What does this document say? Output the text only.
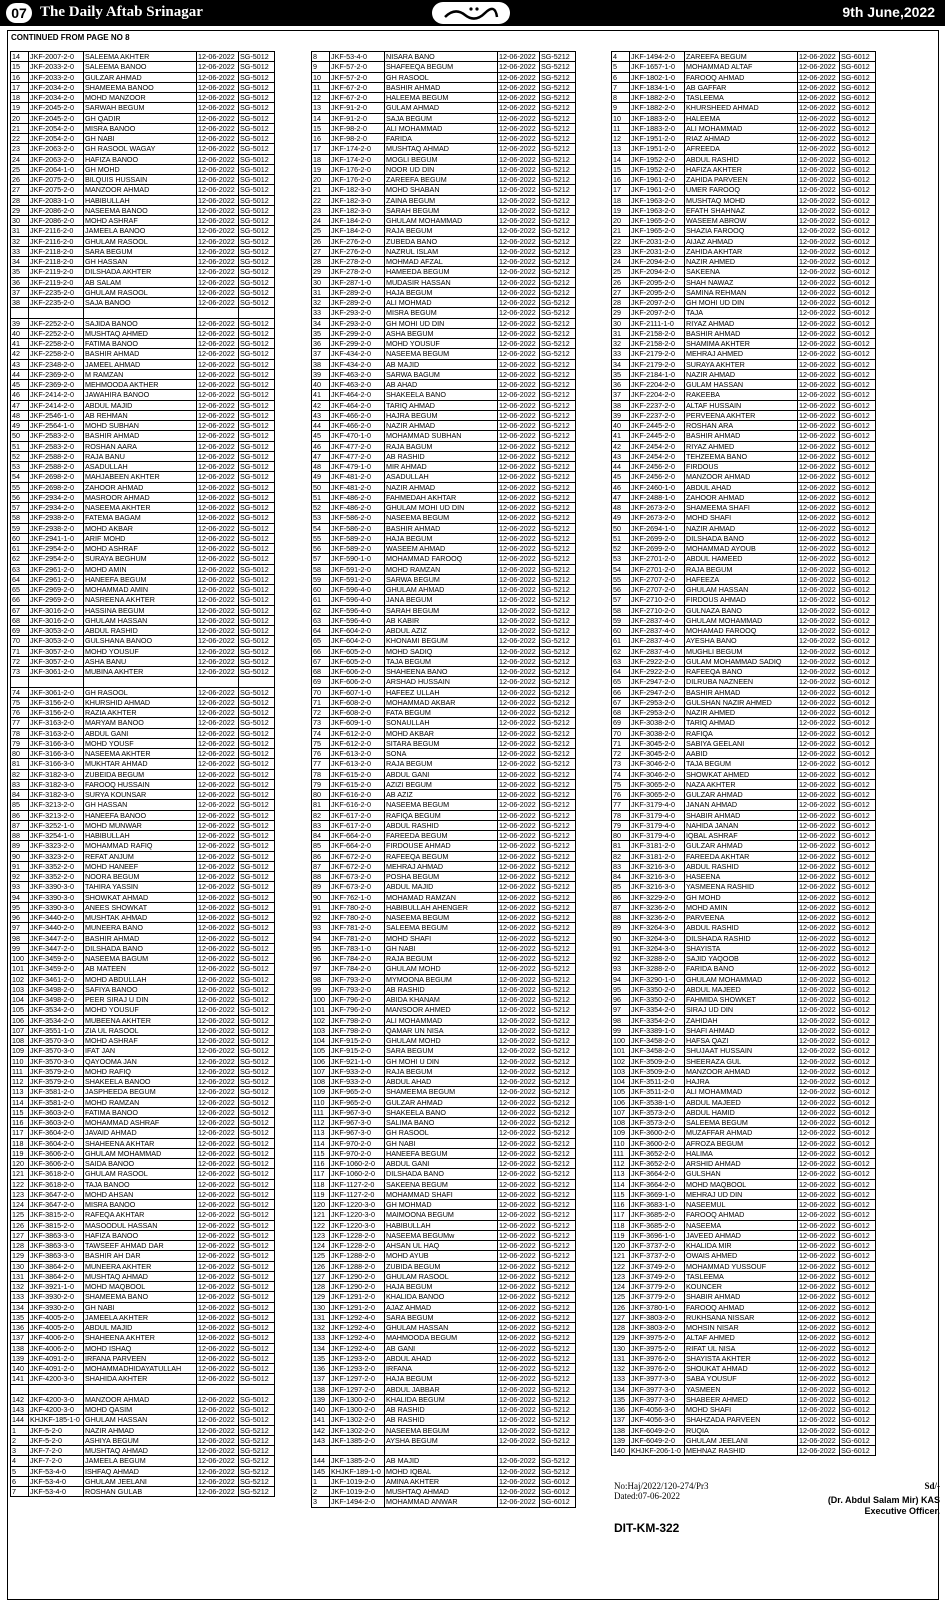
07 The Daily Aftab Srinagar	9th June,2022
CONTINUED FROM PAGE NO 8
14	JKF-2007-2-0	SALEEMA AKHTER	12-06-2022	SG-5012
15	JKF-2033-2-0	SALEEMA BANOO	12-06-2022	SG-5012
16	JKF-2033-2-0	GULZAR AHMAD	12-06-2022	SG-5012
17	JKF-2034-2-0	SHAMEEMA BANOO	12-06-2022	SG-5012
18	JKF-2034-2-0	MOHD MANZOOR	12-06-2022	SG-5012
19	JKF-2045-2-0	SARWAH BEGUM	12-06-2022	SG-5012
20	JKF-2045-2-0	GH QADIR	12-06-2022	SG-5012
21	JKF-2054-2-0	MISRA BANOO	12-06-2022	SG-5012
22	JKF-2054-2-0	GH NABI	12-06-2022	SG-5012
23	JKF-2063-2-0	GH RASOOL WAGAY	12-06-2022	SG-5012
24	JKF-2063-2-0	HAFIZA BANOO	12-06-2022	SG-5012
25	JKF-2064-1-0	GH MOHD	12-06-2022	SG-5012
26	JKF-2075-2-0	BILQUIS HUSSAIN	12-06-2022	SG-5012
27	JKF-2075-2-0	MANZOOR AHMAD	12-06-2022	SG-5012
28	JKF-2083-1-0	HABIBULLAH	12-06-2022	SG-5012
29	JKF-2086-2-0	NASEEMA BANOO	12-06-2022	SG-5012
30	JKF-2086-2-0	MOHD ASHRAF	12-06-2022	SG-5012
31	JKF-2116-2-0	JAMEELA BANOO	12-06-2022	SG-5012
32	JKF-2116-2-0	GHULAM RASOOL	12-06-2022	SG-5012
33	JKF-2118-2-0	SARA BEGUM	12-06-2022	SG-5012
34	JKF-2118-2-0	GH HASSAN	12-06-2022	SG-5012
35	JKF-2119-2-0	DILSHADA AKHTER	12-06-2022	SG-5012
36	JKF-2119-2-0	AB SALAM	12-06-2022	SG-5012
37	JKF-2235-2-0	GHULAM RASOOL	12-06-2022	SG-5012
38	JKF-2235-2-0	SAJA BANOO	12-06-2022	SG-5012

39	JKF-2252-2-0	SAJIDA BANOO	12-06-2022	SG-5012
40	JKF-2252-2-0	MUSHTAQ AHMED	12-06-2022	SG-5012
41	JKF-2258-2-0	FATIMA BANOO	12-06-2022	SG-5012
42	JKF-2258-2-0	BASHIR AHMAD	12-06-2022	SG-5012
43	JKF-2348-2-0	JAMEEL AHMAD	12-06-2022	SG-5012
44	JKF-2369-2-0	M RAMZAN	12-06-2022	SG-5012
45	JKF-2369-2-0	MEHMOODA AKTHER	12-06-2022	SG-5012
46	JKF-2414-2-0	JAWAHIRA BANOO	12-06-2022	SG-5012
47	JKF-2414-2-0	ABDUL MAJID	12-06-2022	SG-5012
48	JKF-2546-1-0	AB REHMAN	12-06-2022	SG-5012
49	JKF-2564-1-0	MOHD SUBHAN	12-06-2022	SG-5012
50	JKF-2583-2-0	BASHIR AHMAD	12-06-2022	SG-5012
51	JKF-2583-2-0	ROSHAN AARA	12-06-2022	SG-5012
52	JKF-2588-2-0	RAJA BANU	12-06-2022	SG-5012
53	JKF-2588-2-0	ASADULLAH	12-06-2022	SG-5012
54	JKF-2698-2-0	MAHJABEEN AKHTER	12-06-2022	SG-5012
55	JKF-2698-2-0	ZAHOOR AHMAD	12-06-2022	SG-5012
56	JKF-2934-2-0	MASROOR AHMAD	12-06-2022	SG-5012
57	JKF-2934-2-0	NASEEMA AKHTER	12-06-2022	SG-5012
58	JKF-2938-2-0	FATEMA BAGAM	12-06-2022	SG-5012
59	JKF-2938-2-0	MOHD AKBAR	12-06-2022	SG-5012
60	JKF-2941-1-0	ARIF MOHD	12-06-2022	SG-5012
61	JKF-2954-2-0	MOHD ASHRAF	12-06-2022	SG-5012
62	JKF-2954-2-0	SURAYA BEGHUM	12-06-2022	SG-5012
63	JKF-2961-2-0	MOHD AMIN	12-06-2022	SG-5012
64	JKF-2961-2-0	HANEEFA BEGUM	12-06-2022	SG-5012
65	JKF-2969-2-0	MOHAMMAD AMIN	12-06-2022	SG-5012
66	JKF-2969-2-0	NASREENA AKHTER	12-06-2022	SG-5012
67	JKF-3016-2-0	HASSINA BEGUM	12-06-2022	SG-5012
68	JKF-3016-2-0	GHULAM HASSAN	12-06-2022	SG-5012
69	JKF-3053-2-0	ABDUL RASHID	12-06-2022	SG-5012
70	JKF-3053-2-0	GULSHANA BANOO	12-06-2022	SG-5012
71	JKF-3057-2-0	MOHD YOUSUF	12-06-2022	SG-5012
72	JKF-3057-2-0	ASHA BANU	12-06-2022	SG-5012
73	JKF-3061-2-0	MUBINA AKHTER	12-06-2022	SG-5012

74	JKF-3061-2-0	GH RASOOL	12-06-2022	SG-5012
75	JKF-3156-2-0	KHURSHID AHMAD	12-06-2022	SG-5012
76	JKF-3156-2-0	RAZIA AKHTER	12-06-2022	SG-5012
77	JKF-3163-2-0	MARYAM BANOO	12-06-2022	SG-5012
78	JKF-3163-2-0	ABDUL GANI	12-06-2022	SG-5012
79	JKF-3166-3-0	MOHD YOUSF	12-06-2022	SG-5012
80	JKF-3166-3-0	NASEEMA AKHTER	12-06-2022	SG-5012
81	JKF-3166-3-0	MUKHTAR AHMAD	12-06-2022	SG-5012
82	JKF-3182-3-0	ZUBEIDA BEGUM	12-06-2022	SG-5012
83	JKF-3182-3-0	FAROOQ HUSSAIN	12-06-2022	SG-5012
84	JKF-3182-3-0	SURYA KOUNSAR	12-06-2022	SG-5012
85	JKF-3213-2-0	GH HASSAN	12-06-2022	SG-5012
86	JKF-3213-2-0	HANEEFA BANOO	12-06-2022	SG-5012
87	JKF-3252-1-0	MOHD MUNWAR	12-06-2022	SG-5012
88	JKF-3254-1-0	HABIBULLAH	12-06-2022	SG-5012
89	JKF-3323-2-0	MOHAMMAD RAFIQ	12-06-2022	SG-5012
90	JKF-3323-2-0	REFAT ANJUM	12-06-2022	SG-5012
91	JKF-3352-2-0	MOHD HANEEF	12-06-2022	SG-5012
92	JKF-3352-2-0	NOORA BEGUM	12-06-2022	SG-5012
93	JKF-3390-3-0	TAHIRA YASSIN	12-06-2022	SG-5012
94	JKF-3390-3-0	SHOWKAT AHMAD	12-06-2022	SG-5012
95	JKF-3390-3-0	ANEES SHOWKAT	12-06-2022	SG-5012
96	JKF-3440-2-0	MUSHTAK AHMAD	12-06-2022	SG-5012
97	JKF-3440-2-0	MUNEERA BANO	12-06-2022	SG-5012
98	JKF-3447-2-0	BASHIR AHMAD	12-06-2022	SG-5012
99	JKF-3447-2-0	DILSHADA BANO	12-06-2022	SG-5012
100	JKF-3459-2-0	NASEEMA BAGUM	12-06-2022	SG-5012
101	JKF-3459-2-0	AB MATEEN	12-06-2022	SG-5012
102	JKF-3461-2-0	MOHD ABDULLAH	12-06-2022	SG-5012
103	JKF-3498-2-0	SAFIYA BANOO	12-06-2022	SG-5012
104	JKF-3498-2-0	PEER SIRAJ U DIN	12-06-2022	SG-5012
105	JKF-3534-2-0	MOHD YOUSUF	12-06-2022	SG-5012
106	JKF-3534-2-0	MUBEENA AKHTER	12-06-2022	SG-5012
107	JKF-3551-1-0	ZIA UL RASOOL	12-06-2022	SG-5012
108	JKF-3570-3-0	MOHD ASHRAF	12-06-2022	SG-5012
109	JKF-3570-3-0	IFAT JAN	12-06-2022	SG-5012
110	JKF-3570-3-0	QAYOOMA JAN	12-06-2022	SG-5012
111	JKF-3579-2-0	MOHD RAFIQ	12-06-2022	SG-5012
112	JKF-3579-2-0	SHAKEELA BANOO	12-06-2022	SG-5012
113	JKF-3581-2-0	JASPHEEDA BEGUM	12-06-2022	SG-5012
114	JKF-3581-2-0	MOHD RAMZAN	12-06-2022	SG-5012
115	JKF-3603-2-0	FATIMA BANOO	12-06-2022	SG-5012
116	JKF-3603-2-0	MOHAMMAD ASHRAF	12-06-2022	SG-5012
117	JKF-3604-2-0	JAVAID AHMAD	12-06-2022	SG-5012
118	JKF-3604-2-0	SHAHEENA AKHTAR	12-06-2022	SG-5012
119	JKF-3606-2-0	GHULAM MOHAMMAD	12-06-2022	SG-5012
120	JKF-3606-2-0	SAIDA BANOO	12-06-2022	SG-5012
121	JKF-3618-2-0	GHULAM RASOOL	12-06-2022	SG-5012
122	JKF-3618-2-0	TAJA BANOO	12-06-2022	SG-5012
123	JKF-3647-2-0	MOHD AHSAN	12-06-2022	SG-5012
124	JKF-3647-2-0	MISRA BANOO	12-06-2022	SG-5012
125	JKF-3815-2-0	RAFEQA AKHTAR	12-06-2022	SG-5012
126	JKF-3815-2-0	MASOODUL HASSAN	12-06-2022	SG-5012
127	JKF-3863-3-0	HAFIZA BANOO	12-06-2022	SG-5012
128	JKF-3863-3-0	TAWSEEF AHMAD DAR	12-06-2022	SG-5012
129	JKF-3863-3-0	BASHIR AH DAR	12-06-2022	SG-5012
130	JKF-3864-2-0	MUNEERA AKHTER	12-06-2022	SG-5012
131	JKF-3864-2-0	MUSHTAQ AHMAD	12-06-2022	SG-5012
132	JKF-3921-1-0	MOHD MAQBOOL	12-06-2022	SG-5012
133	JKF-3930-2-0	SHAMEEMA BANO	12-06-2022	SG-5012
134	JKF-3930-2-0	GH NABI	12-06-2022	SG-5012
135	JKF-4005-2-0	JAMEELA AKHTER	12-06-2022	SG-5012
136	JKF-4005-2-0	ABDUL MAJID	12-06-2022	SG-5012
137	JKF-4006-2-0	SHAHEENA AKHTER	12-06-2022	SG-5012
138	JKF-4006-2-0	MOHD ISHAQ	12-06-2022	SG-5012
139	JKF-4091-2-0	IRFANA PARVEEN	12-06-2022	SG-5012
140	JKF-4091-2-0	MOHAMMADHIDAYATULLAH	12-06-2022	SG-5012
141	JKF-4200-3-0	SHAHIDA AKHTER	12-06-2022	SG-5012

142	JKF-4200-3-0	MANZOOR AHMAD	12-06-2022	SG-5012
143	JKF-4200-3-0	MOHD QASIM	12-06-2022	SG-5012
144	KHJKF-185-1-0	GHULAM HASSAN	12-06-2022	SG-5012
1	JKF-5-2-0	NAZIR AHMAD	12-06-2022	SG-5212
2	JKF-5-2-0	ASHIYA BEGUM	12-06-2022	SG-5212
3	JKF-7-2-0	MUSHTAQ AHMAD	12-06-2022	SG-5212
4	JKF-7-2-0	JAMEELA BEGUM	12-06-2022	SG-5212
5	JKF-53-4-0	ISHFAQ AHMAD	12-06-2022	SG-5212
6	JKF-53-4-0	GHULAM JEELANI	12-06-2022	SG-5212
7	JKF-53-4-0	ROSHAN GULAB	12-06-2022	SG-5212
8	JKF-53-4-0	NISARA BANO	12-06-2022	SG-5212
9	JKF-57-2-0	SHAFEEQA BEGUM	12-06-2022	SG-5212
10	JKF-57-2-0	GH RASOOL	12-06-2022	SG-5212
11	JKF-67-2-0	BASHIR AHMAD	12-06-2022	SG-5212
12	JKF-67-2-0	HALEEMA BEGUM	12-06-2022	SG-5212
13	JKF-91-2-0	GULAM AHMAD	12-06-2022	SG-5212
14	JKF-91-2-0	SAJA BEGUM	12-06-2022	SG-5212
15	JKF-98-2-0	ALI MOHAMMAD	12-06-2022	SG-5212
16	JKF-98-2-0	FARIDA	12-06-2022	SG-5212
17	JKF-174-2-0	MUSHTAQ AHMAD	12-06-2022	SG-5212
18	JKF-174-2-0	MOGLI BEGUM	12-06-2022	SG-5212
19	JKF-176-2-0	NOOR UD DIN	12-06-2022	SG-5212
20	JKF-176-2-0	ZAREEFA BEGUM	12-06-2022	SG-5212
21	JKF-182-3-0	MOHD SHABAN	12-06-2022	SG-5212
22	JKF-182-3-0	ZAINA BEGUM	12-06-2022	SG-5212
23	JKF-182-3-0	SARAH BEGUM	12-06-2022	SG-5212
24	JKF-184-2-0	GHULAM MOHAMMAD	12-06-2022	SG-5212
25	JKF-184-2-0	RAJA BEGUM	12-06-2022	SG-5212
26	JKF-276-2-0	ZUBEDA BANO	12-06-2022	SG-5212
27	JKF-276-2-0	NAZRUL ISLAM	12-06-2022	SG-5212
28	JKF-278-2-0	MOHMAD AFZAL	12-06-2022	SG-5212
29	JKF-278-2-0	HAMEEDA BEGUM	12-06-2022	SG-5212
30	JKF-287-1-0	MUDASIR HASSAN	12-06-2022	SG-5212
31	JKF-289-2-0	HAJA BEGUM	12-06-2022	SG-5212
32	JKF-289-2-0	ALI MOHMAD	12-06-2022	SG-5212
33	JKF-293-2-0	MISRA BEGUM	12-06-2022	SG-5212
34	JKF-293-2-0	GH MOHI UD DIN	12-06-2022	SG-5212
35	JKF-299-2-0	ASHA BEGUM	12-06-2022	SG-5212
36	JKF-299-2-0	MOHD YOUSUF	12-06-2022	SG-5212
37	JKF-434-2-0	NASEEMA BEGUM	12-06-2022	SG-5212
38	JKF-434-2-0	AB MAJID	12-06-2022	SG-5212
39	JKF-463-2-0	SARWA BAGUM	12-06-2022	SG-5212
40	JKF-463-2-0	AB AHAD	12-06-2022	SG-5212
41	JKF-464-2-0	SHAKEELA BANO	12-06-2022	SG-5212
42	JKF-464-2-0	TARIQ AHMAD	12-06-2022	SG-5212
43	JKF-466-2-0	HAJRA BEGUM	12-06-2022	SG-5212
44	JKF-466-2-0	NAZIR AHMAD	12-06-2022	SG-5212
45	JKF-470-1-0	MOHAMMAD SUBHAN	12-06-2022	SG-5212
46	JKF-477-2-0	RAJA BAGUM	12-06-2022	SG-5212
47	JKF-477-2-0	AB RASHID	12-06-2022	SG-5212
48	JKF-479-1-0	MIR AHMAD	12-06-2022	SG-5212
49	JKF-481-2-0	ASADULLAH	12-06-2022	SG-5212
50	JKF-481-2-0	NAZIR AHMAD	12-06-2022	SG-5212
51	JKF-486-2-0	FAHMEDAH AKHTAR	12-06-2022	SG-5212
52	JKF-486-2-0	GHULAM MOHI UD DIN	12-06-2022	SG-5212
53	JKF-586-2-0	NASEEMA BEGUM	12-06-2022	SG-5212
54	JKF-586-2-0	BASHIR AHMAD	12-06-2022	SG-5212
55	JKF-589-2-0	HAJA BEGUM	12-06-2022	SG-5212
56	JKF-589-2-0	WASEEM AHMAD	12-06-2022	SG-5212
57	JKF-590-1-0	MOHAMMAD FAROOQ	12-06-2022	SG-5212
58	JKF-591-2-0	MOHD RAMZAN	12-06-2022	SG-5212
59	JKF-591-2-0	SARWA BEGUM	12-06-2022	SG-5212
60	JKF-596-4-0	GHULAM AHMAD	12-06-2022	SG-5212
61	JKF-596-4-0	JANA BEGUM	12-06-2022	SG-5212
62	JKF-596-4-0	SARAH BEGUM	12-06-2022	SG-5212
63	JKF-596-4-0	AB KABIR	12-06-2022	SG-5212
64	JKF-604-2-0	ABDUL AZIZ	12-06-2022	SG-5212
65	JKF-604-2-0	KHONAMI BEGUM	12-06-2022	SG-5212
66	JKF-605-2-0	MOHD SADIQ	12-06-2022	SG-5212
67	JKF-605-2-0	TAJA BEGUM	12-06-2022	SG-5212
68	JKF-606-2-0	SHAHEENA BANO	12-06-2022	SG-5212
69	JKF-606-2-0	ARSHAD HUSSAIN	12-06-2022	SG-5212
70	JKF-607-1-0	HAFEEZ ULLAH	12-06-2022	SG-5212
71	JKF-608-2-0	MOHAMMAD AKBAR	12-06-2022	SG-5212
72	JKF-608-2-0	FATA BEGUM	12-06-2022	SG-5212
73	JKF-609-1-0	SONAULLAH	12-06-2022	SG-5212
74	JKF-612-2-0	MOHD AKBAR	12-06-2022	SG-5212
75	JKF-612-2-0	SITARA BEGUM	12-06-2022	SG-5212
76	JKF-613-2-0	SONA	12-06-2022	SG-5212
77	JKF-613-2-0	RAJA BEGUM	12-06-2022	SG-5212
78	JKF-615-2-0	ABDUL GANI	12-06-2022	SG-5212
79	JKF-615-2-0	AZIZI BEGUM	12-06-2022	SG-5212
80	JKF-616-2-0	AB AZIZ	12-06-2022	SG-5212
81	JKF-616-2-0	NASEEMA BEGUM	12-06-2022	SG-5212
82	JKF-617-2-0	RAFIQA BEGUM	12-06-2022	SG-5212
83	JKF-617-2-0	ABDUL RASHID	12-06-2022	SG-5212
84	JKF-664-2-0	FAREEDA BEGUM	12-06-2022	SG-5212
85	JKF-664-2-0	FIRDOUSE AHMAD	12-06-2022	SG-5212
86	JKF-672-2-0	RAFEEQA BEGUM	12-06-2022	SG-5212
87	JKF-672-2-0	MEHRAJ AHMAD	12-06-2022	SG-5212
88	JKF-673-2-0	POSHA BEGUM	12-06-2022	SG-5212
89	JKF-673-2-0	ABDUL MAJID	12-06-2022	SG-5212
90	JKF-762-1-0	MOHAMAD RAMZAN	12-06-2022	SG-5212
91	JKF-780-2-0	HABIBULLAH AHENGER	12-06-2022	SG-5212
92	JKF-780-2-0	NASEEMA BEGUM	12-06-2022	SG-5212
93	JKF-781-2-0	SALEEMA BEGUM	12-06-2022	SG-5212
94	JKF-781-2-0	MOHD SHAFI	12-06-2022	SG-5212
95	JKF-783-1-0	GH NABI	12-06-2022	SG-5212
96	JKF-784-2-0	RAJA BEGUM	12-06-2022	SG-5212
97	JKF-784-2-0	GHULAM MOHD	12-06-2022	SG-5212
98	JKF-793-2-0	MYMOONA BEGUM	12-06-2022	SG-5212
99	JKF-793-2-0	AB RASHID	12-06-2022	SG-5212
100	JKF-796-2-0	ABIDA KHANAM	12-06-2022	SG-5212
101	JKF-796-2-0	MANSOOR AHMED	12-06-2022	SG-5212
102	JKF-798-2-0	ALI MOHAMMAD	12-06-2022	SG-5212
103	JKF-798-2-0	QAMAR UN NISA	12-06-2022	SG-5212
104	JKF-915-2-0	GHULAM MOHD	12-06-2022	SG-5212
105	JKF-915-2-0	SARA BEGUM	12-06-2022	SG-5212
106	JKF-921-1-0	GH MOHI U DIN	12-06-2022	SG-5212
107	JKF-933-2-0	RAJA BEGUM	12-06-2022	SG-5212
108	JKF-933-2-0	ABDUL AHAD	12-06-2022	SG-5212
109	JKF-965-2-0	SHAMEEMA BEGUM	12-06-2022	SG-5212
110	JKF-965-2-0	GULZAR AHMAD	12-06-2022	SG-5212
111	JKF-967-3-0	SHAKEELA BANO	12-06-2022	SG-5212
112	JKF-967-3-0	SALIMA BANO	12-06-2022	SG-5212
113	JKF-967-3-0	GH RASOOL	12-06-2022	SG-5212
114	JKF-970-2-0	GH NABI	12-06-2022	SG-5212
115	JKF-970-2-0	HANEEFA BEGUM	12-06-2022	SG-5212
116	JKF-1060-2-0	ABDUL GANI	12-06-2022	SG-5212
117	JKF-1060-2-0	DILSHADA BANO	12-06-2022	SG-5212
118	JKF-1127-2-0	SAKEENA BEGUM	12-06-2022	SG-5212
119	JKF-1127-2-0	MOHAMMAD SHAFI	12-06-2022	SG-5212
120	JKF-1220-3-0	GH MOHMAD	12-06-2022	SG-5212
121	JKF-1220-3-0	MAIMOONA BEGUM	12-06-2022	SG-5212
122	JKF-1220-3-0	HABIBULLAH	12-06-2022	SG-5212
123	JKF-1228-2-0	NASEEMA BEGUMw	12-06-2022	SG-5212
124	JKF-1228-2-0	AHSAN UL HAQ	12-06-2022	SG-5212
125	JKF-1288-2-0	MOHD AYUB	12-06-2022	SG-5212
126	JKF-1288-2-0	ZUBIDA BEGUM	12-06-2022	SG-5212
127	JKF-1290-2-0	GHULAM RASOOL	12-06-2022	SG-5212
128	JKF-1290-2-0	HAJA BEGUM	12-06-2022	SG-5212
129	JKF-1291-2-0	KHALIDA BANOO	12-06-2022	SG-5212
130	JKF-1291-2-0	AJAZ AHMAD	12-06-2022	SG-5212
131	JKF-1292-4-0	SARA BEGUM	12-06-2022	SG-5212
132	JKF-1292-4-0	GHULAM HASSAN	12-06-2022	SG-5212
133	JKF-1292-4-0	MAHMOODA BEGUM	12-06-2022	SG-5212
134	JKF-1292-4-0	AB GANI	12-06-2022	SG-5212
135	JKF-1293-2-0	ABDUL AHAD	12-06-2022	SG-5212
136	JKF-1293-2-0	IRFANA	12-06-2022	SG-5212
137	JKF-1297-2-0	HAJA BEGUM	12-06-2022	SG-5212
138	JKF-1297-2-0	ABDUL JABBAR	12-06-2022	SG-5212
139	JKF-1300-2-0	KHALIDA BEGUM	12-06-2022	SG-5212
140	JKF-1300-2-0	AB RASHID	12-06-2022	SG-5212
141	JKF-1302-2-0	AB RASHID	12-06-2022	SG-5212
142	JKF-1302-2-0	NASEEMA BEGUM	12-06-2022	SG-5212
143	JKF-1385-2-0	AYSHA BEGUM	12-06-2022	SG-5212

144	JKF-1385-2-0	AB MAJID	12-06-2022	SG-5212
145	KHJKF-189-1-0	MOHD IQBAL	12-06-2022	SG-5212
1	JKF-1019-2-0	AMINA AKHTER	12-06-2022	SG-6012
2	JKF-1019-2-0	MUSHTAQ AHMAD	12-06-2022	SG-6012
3	JKF-1494-2-0	MOHAMMAD ANWAR	12-06-2022	SG-6012
4	JKF-1494-2-0	ZAREEFA BEGUM	12-06-2022	SG-6012
5	JKF-1657-1-0	MOHAMMAD ALTAF	12-06-2022	SG-6012
6	JKF-1802-1-0	FAROOQ AHMAD	12-06-2022	SG-6012
7	JKF-1834-1-0	AB GAFFAR	12-06-2022	SG-6012
8	JKF-1882-2-0	TASLEEMA	12-06-2022	SG-6012
9	JKF-1882-2-0	KHURSHEED AHMAD	12-06-2022	SG-6012
10	JKF-1883-2-0	HALEEMA	12-06-2022	SG-6012
11	JKF-1883-2-0	ALI MOHAMMAD	12-06-2022	SG-6012
12	JKF-1951-2-0	RIAZ AHMAD	12-06-2022	SG-6012
13	JKF-1951-2-0	AFREEDA	12-06-2022	SG-6012
14	JKF-1952-2-0	ABDUL RASHID	12-06-2022	SG-6012
15	JKF-1952-2-0	HAFIZA AKHTER	12-06-2022	SG-6012
16	JKF-1961-2-0	ZAHIDA PARVEEN	12-06-2022	SG-6012
17	JKF-1961-2-0	UMER FAROOQ	12-06-2022	SG-6012
18	JKF-1963-2-0	MUSHTAQ MOHD	12-06-2022	SG-6012
19	JKF-1963-2-0	EFATH SHAHNAZ	12-06-2022	SG-6012
20	JKF-1965-2-0	WASEEM ABROW	12-06-2022	SG-6012
21	JKF-1965-2-0	SHAZIA FAROOQ	12-06-2022	SG-6012
22	JKF-2031-2-0	AIJAZ AHMAD	12-06-2022	SG-6012
23	JKF-2031-2-0	ZAHIDA AKHTAR	12-06-2022	SG-6012
24	JKF-2094-2-0	NAZIR AHMED	12-06-2022	SG-6012
25	JKF-2094-2-0	SAKEENA	12-06-2022	SG-6012
26	JKF-2095-2-0	SHAH NAWAZ	12-06-2022	SG-6012
27	JKF-2095-2-0	SAMINA REHMAN	12-06-2022	SG-6012
28	JKF-2097-2-0	GH MOHI UD DIN	12-06-2022	SG-6012
29	JKF-2097-2-0	TAJA	12-06-2022	SG-6012
30	JKF-2111-1-0	RIYAZ AHMAD	12-06-2022	SG-6012
31	JKF-2158-2-0	BASHIR AHMAD	12-06-2022	SG-6012
32	JKF-2158-2-0	SHAMIMA AKHTER	12-06-2022	SG-6012
33	JKF-2179-2-0	MEHRAJ AHMED	12-06-2022	SG-6012
34	JKF-2179-2-0	SURAYA AKHTER	12-06-2022	SG-6012
35	JKF-2184-1-0	NAZIR AHMAD	12-06-2022	SG-6012
36	JKF-2204-2-0	GULAM HASSAN	12-06-2022	SG-6012
37	JKF-2204-2-0	RAKEEBA	12-06-2022	SG-6012
38	JKF-2237-2-0	ALTAF HUSSAIN	12-06-2022	SG-6012
39	JKF-2237-2-0	PERVEENA AKHTER	12-06-2022	SG-6012
40	JKF-2445-2-0	ROSHAN ARA	12-06-2022	SG-6012
41	JKF-2445-2-0	BASHIR AHMAD	12-06-2022	SG-6012
42	JKF-2454-2-0	RIYAZ AHMED	12-06-2022	SG-6012
43	JKF-2454-2-0	TEHZEEMA BANO	12-06-2022	SG-6012
44	JKF-2456-2-0	FIRDOUS	12-06-2022	SG-6012
45	JKF-2456-2-0	MANZOOR AHMAD	12-06-2022	SG-6012
46	JKF-2460-1-0	ABDUL AHAD	12-06-2022	SG-6012
47	JKF-2488-1-0	ZAHOOR AHMAD	12-06-2022	SG-6012
48	JKF-2673-2-0	SHAMEEMA SHAFI	12-06-2022	SG-6012
49	JKF-2673-2-0	MOHD SHAFI	12-06-2022	SG-6012
50	JKF-2694-1-0	NAZIR AHMAD	12-06-2022	SG-6012
51	JKF-2699-2-0	DILSHADA BANO	12-06-2022	SG-6012
52	JKF-2699-2-0	MOHAMMAD AYOUB	12-06-2022	SG-6012
53	JKF-2701-2-0	ABDUL HAMEED	12-06-2022	SG-6012
54	JKF-2701-2-0	RAJA BEGUM	12-06-2022	SG-6012
55	JKF-2707-2-0	HAFEEZA	12-06-2022	SG-6012
56	JKF-2707-2-0	GHULAM HASSAN	12-06-2022	SG-6012
57	JKF-2710-2-0	FIRDOUS AHMAD	12-06-2022	SG-6012
58	JKF-2710-2-0	GULNAZA BANO	12-06-2022	SG-6012
59	JKF-2837-4-0	GHULAM MOHAMMAD	12-06-2022	SG-6012
60	JKF-2837-4-0	MOHAMAD FAROOQ	12-06-2022	SG-6012
61	JKF-2837-4-0	AYESHA BANO	12-06-2022	SG-6012
62	JKF-2837-4-0	MUGHLI BEGUM	12-06-2022	SG-6012
63	JKF-2922-2-0	GULAM MOHAMMAD SADIQ	12-06-2022	SG-6012
64	JKF-2922-2-0	RAFEEQA BANO	12-06-2022	SG-6012
65	JKF-2947-2-0	DILRUBA NAZNEEN	12-06-2022	SG-6012
66	JKF-2947-2-0	BASHIR AHMAD	12-06-2022	SG-6012
67	JKF-2953-2-0	GULSHAN NAZIR AHMED	12-06-2022	SG-6012
68	JKF-2953-2-0	NAZIR AHMED	12-06-2022	SG-6012
69	JKF-3038-2-0	TARIQ AHMAD	12-06-2022	SG-6012
70	JKF-3038-2-0	RAFIQA	12-06-2022	SG-6012
71	JKF-3045-2-0	SABIYA GEELANI	12-06-2022	SG-6012
72	JKF-3045-2-0	AABID	12-06-2022	SG-6012
73	JKF-3046-2-0	TAJA BEGUM	12-06-2022	SG-6012
74	JKF-3046-2-0	SHOWKAT AHMED	12-06-2022	SG-6012
75	JKF-3065-2-0	NAZA AKHTER	12-06-2022	SG-6012
76	JKF-3065-2-0	GULZAR AHMAD	12-06-2022	SG-6012
77	JKF-3179-4-0	JANAN AHMAD	12-06-2022	SG-6012
78	JKF-3179-4-0	SHABIR AHMAD	12-06-2022	SG-6012
79	JKF-3179-4-0	NAHIDA JANAN	12-06-2022	SG-6012
80	JKF-3179-4-0	IQBAL ASHRAF	12-06-2022	SG-6012
81	JKF-3181-2-0	GULZAR AHMAD	12-06-2022	SG-6012
82	JKF-3181-2-0	FAREEDA AKHTAR	12-06-2022	SG-6012
83	JKF-3216-3-0	ABDUL RASHID	12-06-2022	SG-6012
84	JKF-3216-3-0	HASEENA	12-06-2022	SG-6012
85	JKF-3216-3-0	YASMEENA RASHID	12-06-2022	SG-6012
86	JKF-3229-2-0	GH MOHD	12-06-2022	SG-6012
87	JKF-3236-2-0	MOHD AMIN	12-06-2022	SG-6012
88	JKF-3236-2-0	PARVEENA	12-06-2022	SG-6012
89	JKF-3264-3-0	ABDUL RASHID	12-06-2022	SG-6012
90	JKF-3264-3-0	DILSHADA RASHID	12-06-2022	SG-6012
91	JKF-3264-3-0	SHAYISTA	12-06-2022	SG-6012
92	JKF-3288-2-0	SAJID YAQOOB	12-06-2022	SG-6012
93	JKF-3288-2-0	FARIDA BANO	12-06-2022	SG-6012
94	JKF-3290-1-0	GHULAM MOHAMMAD	12-06-2022	SG-6012
95	JKF-3350-2-0	ABDUL MAJEED	12-06-2022	SG-6012
96	JKF-3350-2-0	FAHMIDA SHOWKET	12-06-2022	SG-6012
97	JKF-3354-2-0	SIRAJ UD DIN	12-06-2022	SG-6012
98	JKF-3354-2-0	ZAHIDAH	12-06-2022	SG-6012
99	JKF-3389-1-0	SHAFI AHMAD	12-06-2022	SG-6012
100	JKF-3458-2-0	HAFSA QAZI	12-06-2022	SG-6012
101	JKF-3458-2-0	SHUJAAT HUSSAIN	12-06-2022	SG-6012
102	JKF-3509-2-0	SHEERAZA GUL	12-06-2022	SG-6012
103	JKF-3509-2-0	MANZOOR AHMAD	12-06-2022	SG-6012
104	JKF-3511-2-0	HAJRA	12-06-2022	SG-6012
105	JKF-3511-2-0	ALI MOHAMMAD	12-06-2022	SG-6012
106	JKF-3538-1-0	ABDUL MAJEED	12-06-2022	SG-6012
107	JKF-3573-2-0	ABDUL HAMID	12-06-2022	SG-6012
108	JKF-3573-2-0	SALEEMA BEGUM	12-06-2022	SG-6012
109	JKF-3600-2-0	MUZAFFAR AHMAD	12-06-2022	SG-6012
110	JKF-3600-2-0	AFROZA BEGUM	12-06-2022	SG-6012
111	JKF-3652-2-0	HALIMA	12-06-2022	SG-6012
112	JKF-3652-2-0	ARSHID AHMAD	12-06-2022	SG-6012
113	JKF-3664-2-0	GULSHAN	12-06-2022	SG-6012
114	JKF-3664-2-0	MOHD MAQBOOL	12-06-2022	SG-6012
115	JKF-3669-1-0	MEHRAJ UD DIN	12-06-2022	SG-6012
116	JKF-3683-1-0	NASEEMUL	12-06-2022	SG-6012
117	JKF-3685-2-0	FAROOQ AHMAD	12-06-2022	SG-6012
118	JKF-3685-2-0	NASEEMA	12-06-2022	SG-6012
119	JKF-3696-1-0	JAVEED AHMAD	12-06-2022	SG-6012
120	JKF-3737-2-0	KHALIDA MIR	12-06-2022	SG-6012
121	JKF-3737-2-0	OWAIS AHMED	12-06-2022	SG-6012
122	JKF-3749-2-0	MOHAMMAD YUSSOUF	12-06-2022	SG-6012
123	JKF-3749-2-0	TASLEEMA	12-06-2022	SG-6012
124	JKF-3779-2-0	KOUNCER	12-06-2022	SG-6012
125	JKF-3779-2-0	SHABIR AHMAD	12-06-2022	SG-6012
126	JKF-3780-1-0	FAROOQ AHMAD	12-06-2022	SG-6012
127	JKF-3803-2-0	RUKHSANA NISSAR	12-06-2022	SG-6012
128	JKF-3803-2-0	MOHSIN NISAR	12-06-2022	SG-6012
129	JKF-3975-2-0	ALTAF AHMED	12-06-2022	SG-6012
130	JKF-3975-2-0	RIFAT UL NISA	12-06-2022	SG-6012
131	JKF-3976-2-0	SHAYISTA AKHTER	12-06-2022	SG-6012
132	JKF-3976-2-0	SHOUKAT AHMAD	12-06-2022	SG-6012
133	JKF-3977-3-0	SABA YOUSUF	12-06-2022	SG-6012
134	JKF-3977-3-0	YASMEEN	12-06-2022	SG-6012
135	JKF-3977-3-0	SHABEER AHMED	12-06-2022	SG-6012
136	JKF-4056-3-0	MOHD SHAFI	12-06-2022	SG-6012
137	JKF-4056-3-0	SHAHZADA PARVEEN	12-06-2022	SG-6012
138	JKF-6049-2-0	RUQIA	12-06-2022	SG-6012
139	JKF-6049-2-0	GHULAM JEELANI	12-06-2022	SG-6012
140	KHJKF-206-1-0	MEHNAZ RASHID	12-06-2022	SG-6012
No:Haj/2022/120-274/Pr3
Dated:07-06-2022
Sd/-
(Dr. Abdul Salam Mir) KAS
Executive Officer.
DIT-KM-322
